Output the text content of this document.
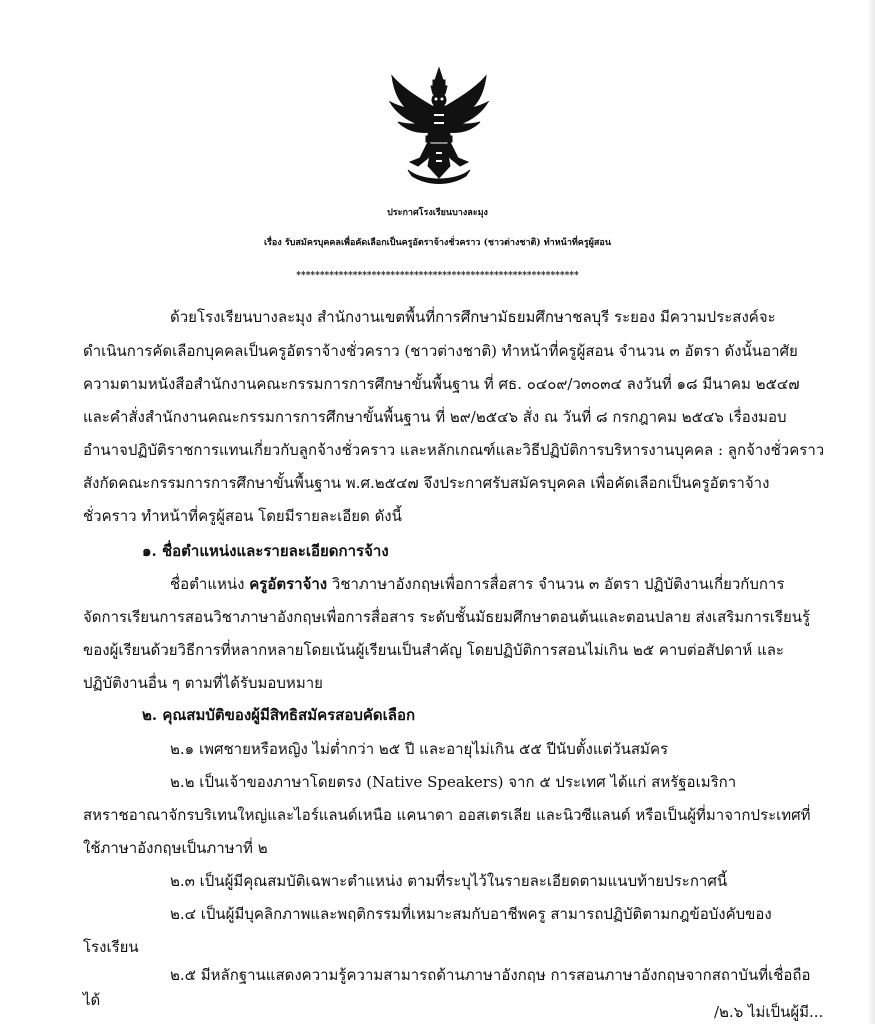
ประกาศโรงเรียนบางละมุง
เรื่อง รับสมัครบุคคลเพื่อคัดเลือกเป็นครูอัตราจ้างชั่วคราว (ชาวต่างชาติ) ทำหน้าที่ครูผู้สอน
************************************************************
ด้วยโรงเรียนบางละมุง สำนักงานเขตพื้นที่การศึกษามัธยมศึกษาชลบุรี ระยอง มีความประสงค์จะ
ดำเนินการคัดเลือกบุคคลเป็นครูอัตราจ้างชั่วคราว (ชาวต่างชาติ) ทำหน้าที่ครูผู้สอน จำนวน ๓ อัตรา ดังนั้นอาศัย
ความตามหนังสือสำนักงานคณะกรรมการการศึกษาขั้นพื้นฐาน ที่ ศธ. ๐๔๐๙/ว๓๐๓๔ ลงวันที่ ๑๘ มีนาคม ๒๕๔๗
และคำสั่งสำนักงานคณะกรรมการการศึกษาขั้นพื้นฐาน ที่ ๒๙/๒๕๔๖ สั่ง ณ วันที่ ๘ กรกฎาคม ๒๕๔๖ เรื่องมอบ
อำนาจปฏิบัติราชการแทนเกี่ยวกับลูกจ้างชั่วคราว และหลักเกณฑ์และวิธีปฏิบัติการบริหารงานบุคคล : ลูกจ้างชั่วคราว
สังกัดคณะกรรมการการศึกษาขั้นพื้นฐาน พ.ศ.๒๕๔๗ จึงประกาศรับสมัครบุคคล เพื่อคัดเลือกเป็นครูอัตราจ้าง
ชั่วคราว ทำหน้าที่ครูผู้สอน โดยมีรายละเอียด ดังนี้
๑. ชื่อตำแหน่งและรายละเอียดการจ้าง
ชื่อตำแหน่ง ครูอัตราจ้าง วิชาภาษาอังกฤษเพื่อการสื่อสาร จำนวน ๓ อัตรา ปฏิบัติงานเกี่ยวกับการ
จัดการเรียนการสอนวิชาภาษาอังกฤษเพื่อการสื่อสาร ระดับชั้นมัธยมศึกษาตอนต้นและตอนปลาย ส่งเสริมการเรียนรู้
ของผู้เรียนด้วยวิธีการที่หลากหลายโดยเน้นผู้เรียนเป็นสำคัญ โดยปฏิบัติการสอนไม่เกิน ๒๕ คาบต่อสัปดาห์ และ
ปฏิบัติงานอื่น ๆ ตามที่ได้รับมอบหมาย
๒. คุณสมบัติของผู้มีสิทธิสมัครสอบคัดเลือก
๒.๑ เพศชายหรือหญิง ไม่ต่ำกว่า ๒๕ ปี และอายุไม่เกิน ๕๕ ปีนับตั้งแต่วันสมัคร
๒.๒ เป็นเจ้าของภาษาโดยตรง (Native Speakers) จาก ๕ ประเทศ ได้แก่ สหรัฐอเมริกา
สหราชอาณาจักรบริเทนใหญ่และไอร์แลนด์เหนือ แคนาดา ออสเตรเลีย และนิวซีแลนด์ หรือเป็นผู้ที่มาจากประเทศที่
ใช้ภาษาอังกฤษเป็นภาษาที่ ๒
๒.๓ เป็นผู้มีคุณสมบัติเฉพาะตำแหน่ง ตามที่ระบุไว้ในรายละเอียดตามแนบท้ายประกาศนี้
๒.๔ เป็นผู้มีบุคลิกภาพและพฤติกรรมที่เหมาะสมกับอาชีพครู สามารถปฏิบัติตามกฎข้อบังคับของ
โรงเรียน
๒.๕ มีหลักฐานแสดงความรู้ความสามารถด้านภาษาอังกฤษ การสอนภาษาอังกฤษจากสถาบันที่เชื่อถือ
ได้
/๒.๖ ไม่เป็นผู้มี...
